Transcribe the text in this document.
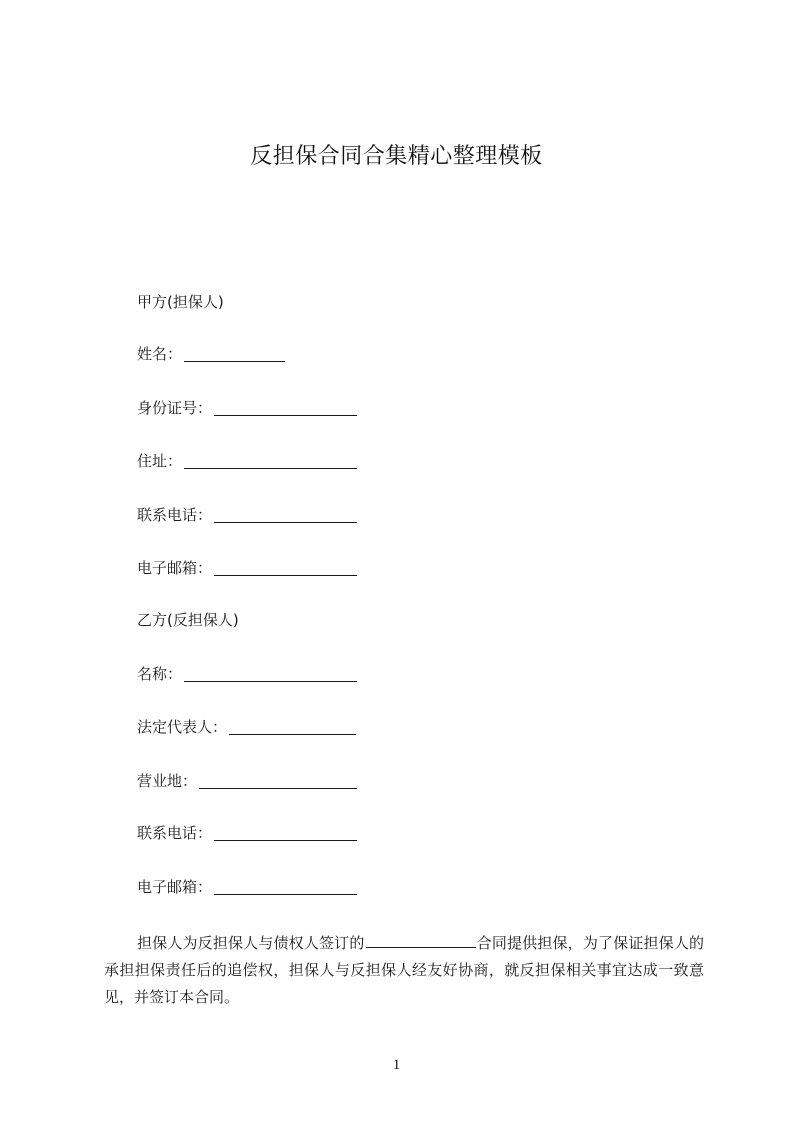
反担保合同合集精心整理模板
甲方(担保人)
姓名：
身份证号：
住址：
联系电话：
电子邮箱：
乙方(反担保人)
名称：
法定代表人：
营业地：
联系电话：
电子邮箱：

担保人为反担保人与债权人签订的	合同提供担保，为了保证担保人的承担担保责任后的追偿权，担保人与反担保人经友好协商，就反担保相关事宜达成一致意见，并签订本合同。

1
